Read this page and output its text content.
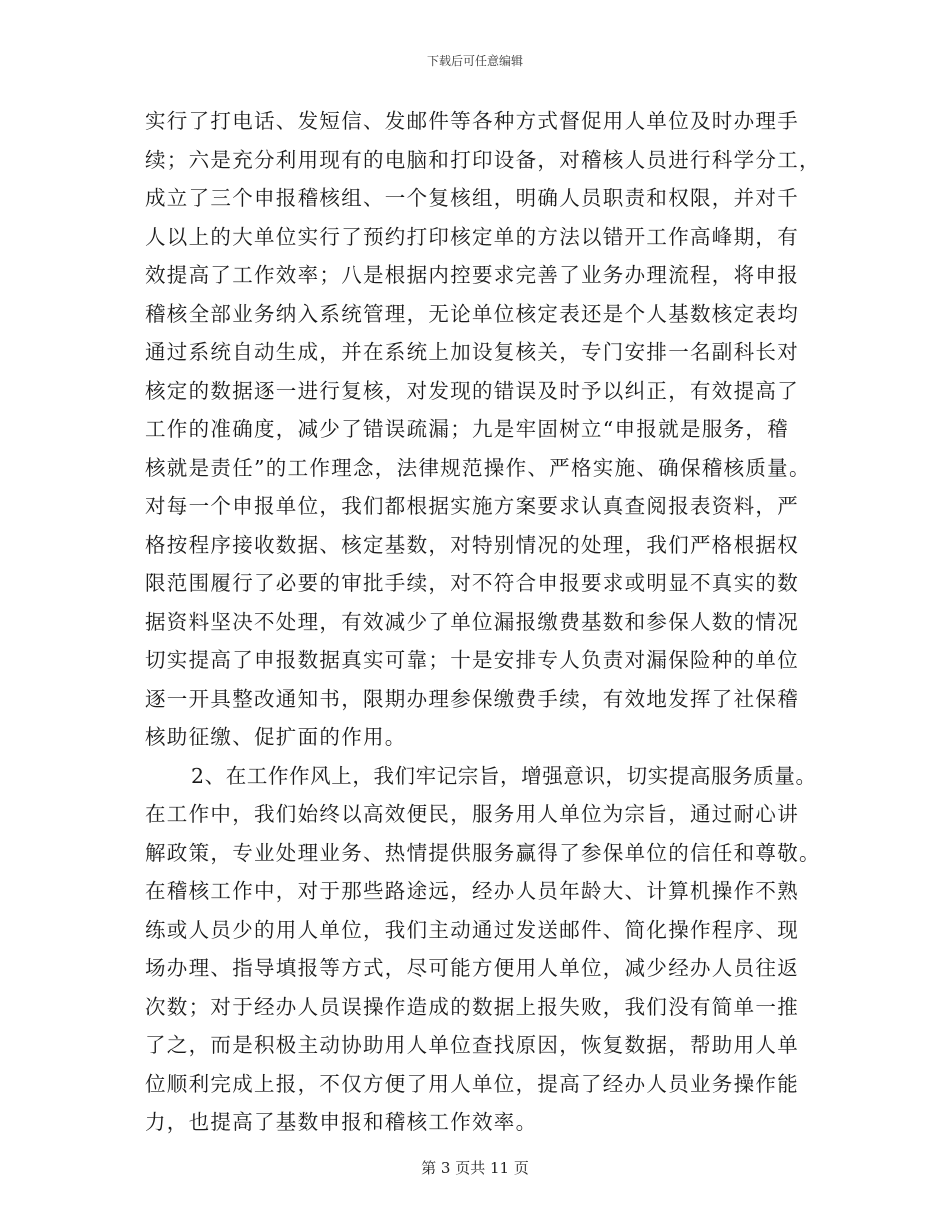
下载后可任意编辑
实行了打电话、发短信、发邮件等各种方式督促用人单位及时办理手
续；六是充分利用现有的电脑和打印设备，对稽核人员进行科学分工，
成立了三个申报稽核组、一个复核组，明确人员职责和权限，并对千
人以上的大单位实行了预约打印核定单的方法以错开工作高峰期，有
效提高了工作效率；八是根据内控要求完善了业务办理流程，将申报
稽核全部业务纳入系统管理，无论单位核定表还是个人基数核定表均
通过系统自动生成，并在系统上加设复核关，专门安排一名副科长对
核定的数据逐一进行复核，对发现的错误及时予以纠正，有效提高了
工作的准确度，减少了错误疏漏；九是牢固树立“申报就是服务，稽
核就是责任”的工作理念，法律规范操作、严格实施、确保稽核质量。
对每一个申报单位，我们都根据实施方案要求认真查阅报表资料，严
格按程序接收数据、核定基数，对特别情况的处理，我们严格根据权
限范围履行了必要的审批手续，对不符合申报要求或明显不真实的数
据资料坚决不处理，有效减少了单位漏报缴费基数和参保人数的情况
切实提高了申报数据真实可靠；十是安排专人负责对漏保险种的单位
逐一开具整改通知书，限期办理参保缴费手续，有效地发挥了社保稽
核助征缴、促扩面的作用。
2、在工作作风上，我们牢记宗旨，增强意识，切实提高服务质量。
在工作中，我们始终以高效便民，服务用人单位为宗旨，通过耐心讲
解政策，专业处理业务、热情提供服务赢得了参保单位的信任和尊敬。
在稽核工作中，对于那些路途远，经办人员年龄大、计算机操作不熟
练或人员少的用人单位，我们主动通过发送邮件、简化操作程序、现
场办理、指导填报等方式，尽可能方便用人单位，减少经办人员往返
次数；对于经办人员误操作造成的数据上报失败，我们没有简单一推
了之，而是积极主动协助用人单位查找原因，恢复数据，帮助用人单
位顺利完成上报，不仅方便了用人单位，提高了经办人员业务操作能
力，也提高了基数申报和稽核工作效率。
第 3 页共 11 页
